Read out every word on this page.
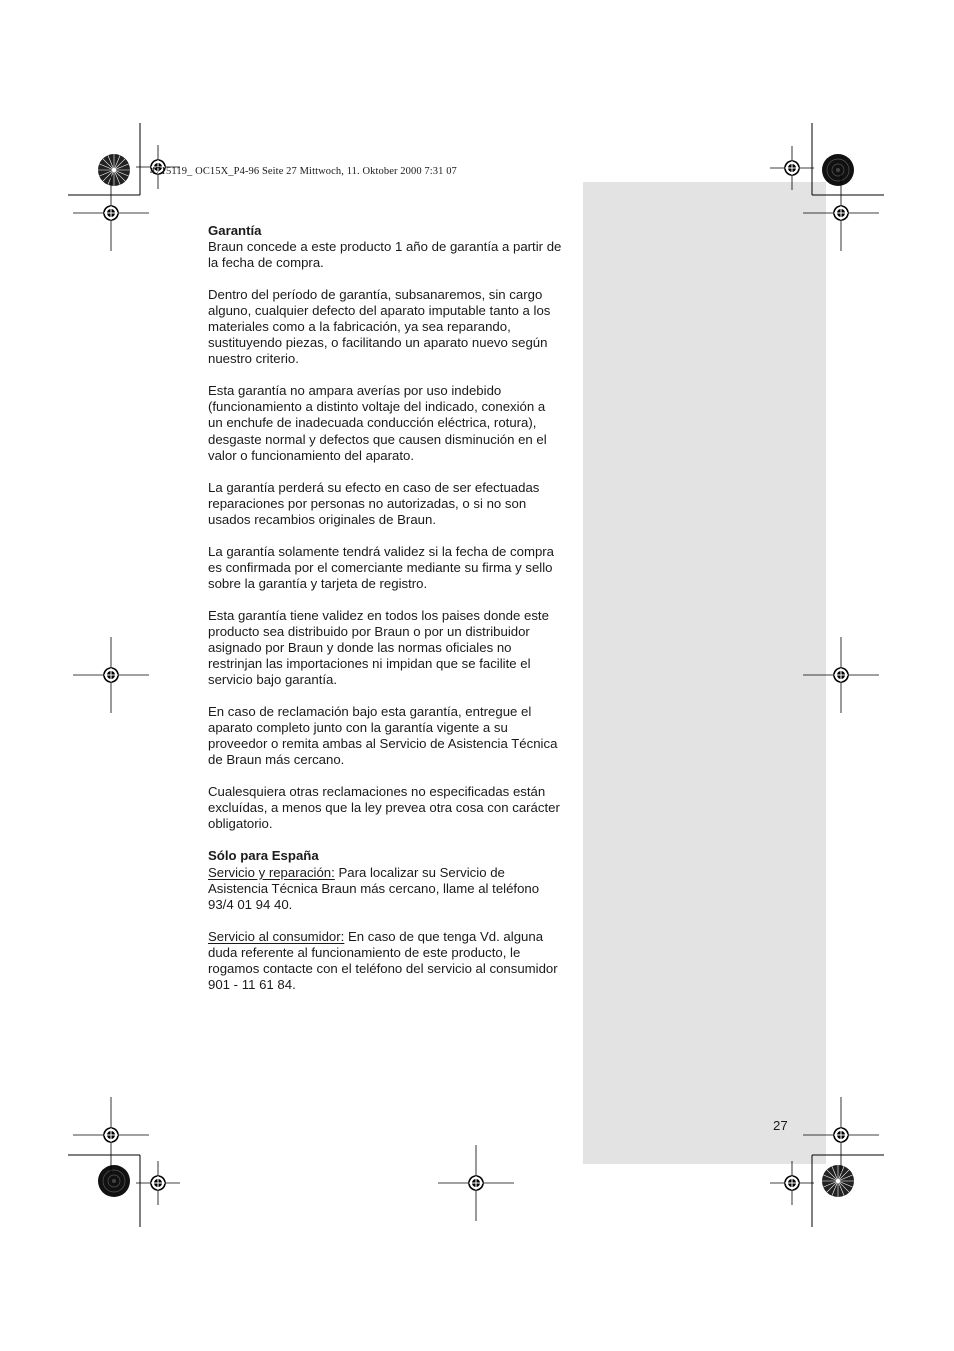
4715119_ OC15X_P4-96 Seite 27 Mittwoch, 11. Oktober 2000 7:31 07
Garantía

Braun concede a este producto 1 año de garantía a partir de la fecha de compra.

Dentro del período de garantía, subsanaremos, sin cargo alguno, cualquier defecto del aparato imputable tanto a los materiales como a la fabricación, ya sea reparando, sustituyendo piezas, o facilitando un aparato nuevo según nuestro criterio.

Esta garantía no ampara averías por uso indebido (funcionamiento a distinto voltaje del indicado, conexión a un enchufe de inadecuada conducción eléctrica, rotura), desgaste normal y defectos que causen disminución en el valor o funcionamiento del aparato.

La garantía perderá su efecto en caso de ser efectuadas reparaciones por personas no autorizadas, o si no son usados recambios originales de Braun.

La garantía solamente tendrá validez si la fecha de compra es confirmada por el comerciante mediante su firma y sello sobre la garantía y tarjeta de registro.

Esta garantía tiene validez en todos los paises donde este producto sea distribuido por Braun o por un distribuidor asignado por Braun y donde las normas oficiales no restrinjan las importaciones ni impidan que se facilite el servicio bajo garantía.

En caso de reclamación bajo esta garantía, entregue el aparato completo junto con la garantía vigente a su proveedor o remita ambas al Servicio de Asistencia Técnica de Braun más cercano.

Cualesquiera otras reclamaciones no especificadas están excluídas, a menos que la ley prevea otra cosa con carácter obligatorio.

Sólo para España

Servicio y reparación: Para localizar su Servicio de Asistencia Técnica Braun más cercano, llame al teléfono 93/4 01 94 40.

Servicio al consumidor: En caso de que tenga Vd. alguna duda referente al funcionamiento de este producto, le rogamos contacte con el teléfono del servicio al consumidor 901 - 11 61 84.

27
